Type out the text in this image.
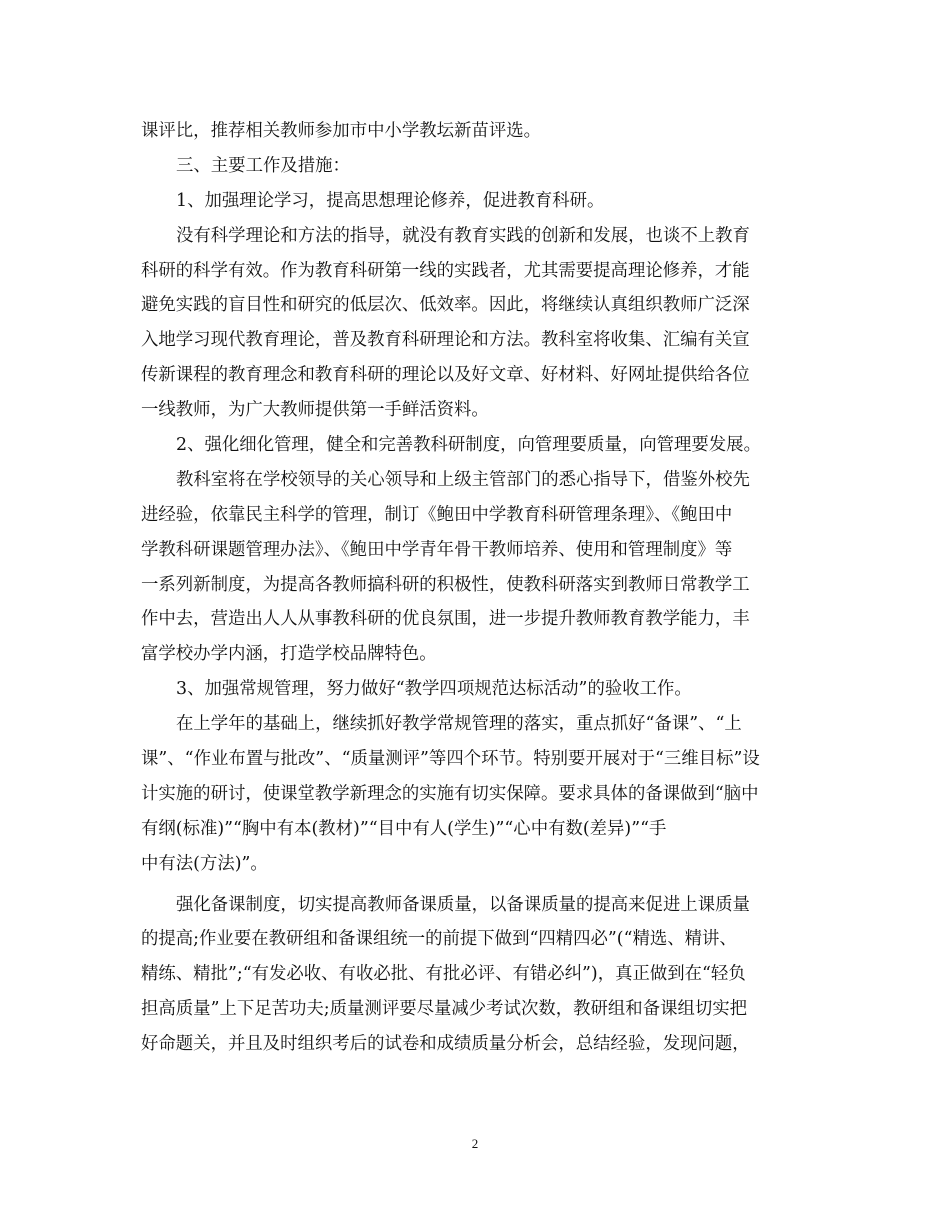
课评比，推荐相关教师参加市中小学教坛新苗评选。

三、主要工作及措施：

1、加强理论学习，提高思想理论修养，促进教育科研。

没有科学理论和方法的指导，就没有教育实践的创新和发展，也谈不上教育
科研的科学有效。作为教育科研第一线的实践者，尤其需要提高理论修养，才能
避免实践的盲目性和研究的低层次、低效率。因此，将继续认真组织教师广泛深
入地学习现代教育理论，普及教育科研理论和方法。教科室将收集、汇编有关宣
传新课程的教育理念和教育科研的理论以及好文章、好材料、好网址提供给各位
一线教师，为广大教师提供第一手鲜活资料。

2、强化细化管理，健全和完善教科研制度，向管理要质量，向管理要发展。

教科室将在学校领导的关心领导和上级主管部门的悉心指导下，借鉴外校先
进经验，依靠民主科学的管理，制订《鲍田中学教育科研管理条理》、《鲍田中
学教科研课题管理办法》、《鲍田中学青年骨干教师培养、使用和管理制度》等
一系列新制度，为提高各教师搞科研的积极性，使教科研落实到教师日常教学工
作中去，营造出人人从事教科研的优良氛围，进一步提升教师教育教学能力，丰
富学校办学内涵，打造学校品牌特色。

3、加强常规管理，努力做好“教学四项规范达标活动”的验收工作。

在上学年的基础上，继续抓好教学常规管理的落实，重点抓好“备课”、“上
课”、“作业布置与批改”、“质量测评”等四个环节。特别要开展对于“三维目标”设
计实施的研讨，使课堂教学新理念的实施有切实保障。要求具体的备课做到“脑中
有纲(标准)”“胸中有本(教材)”“目中有人(学生)”“心中有数(差异)”“手
中有法(方法)”。

强化备课制度，切实提高教师备课质量，以备课质量的提高来促进上课质量
的提高;作业要在教研组和备课组统一的前提下做到“四精四必”(“精选、精讲、
精练、精批”;“有发必收、有收必批、有批必评、有错必纠”)，真正做到在“轻负
担高质量”上下足苦功夫;质量测评要尽量减少考试次数，教研组和备课组切实把
好命题关，并且及时组织考后的试卷和成绩质量分析会，总结经验，发现问题，

2
